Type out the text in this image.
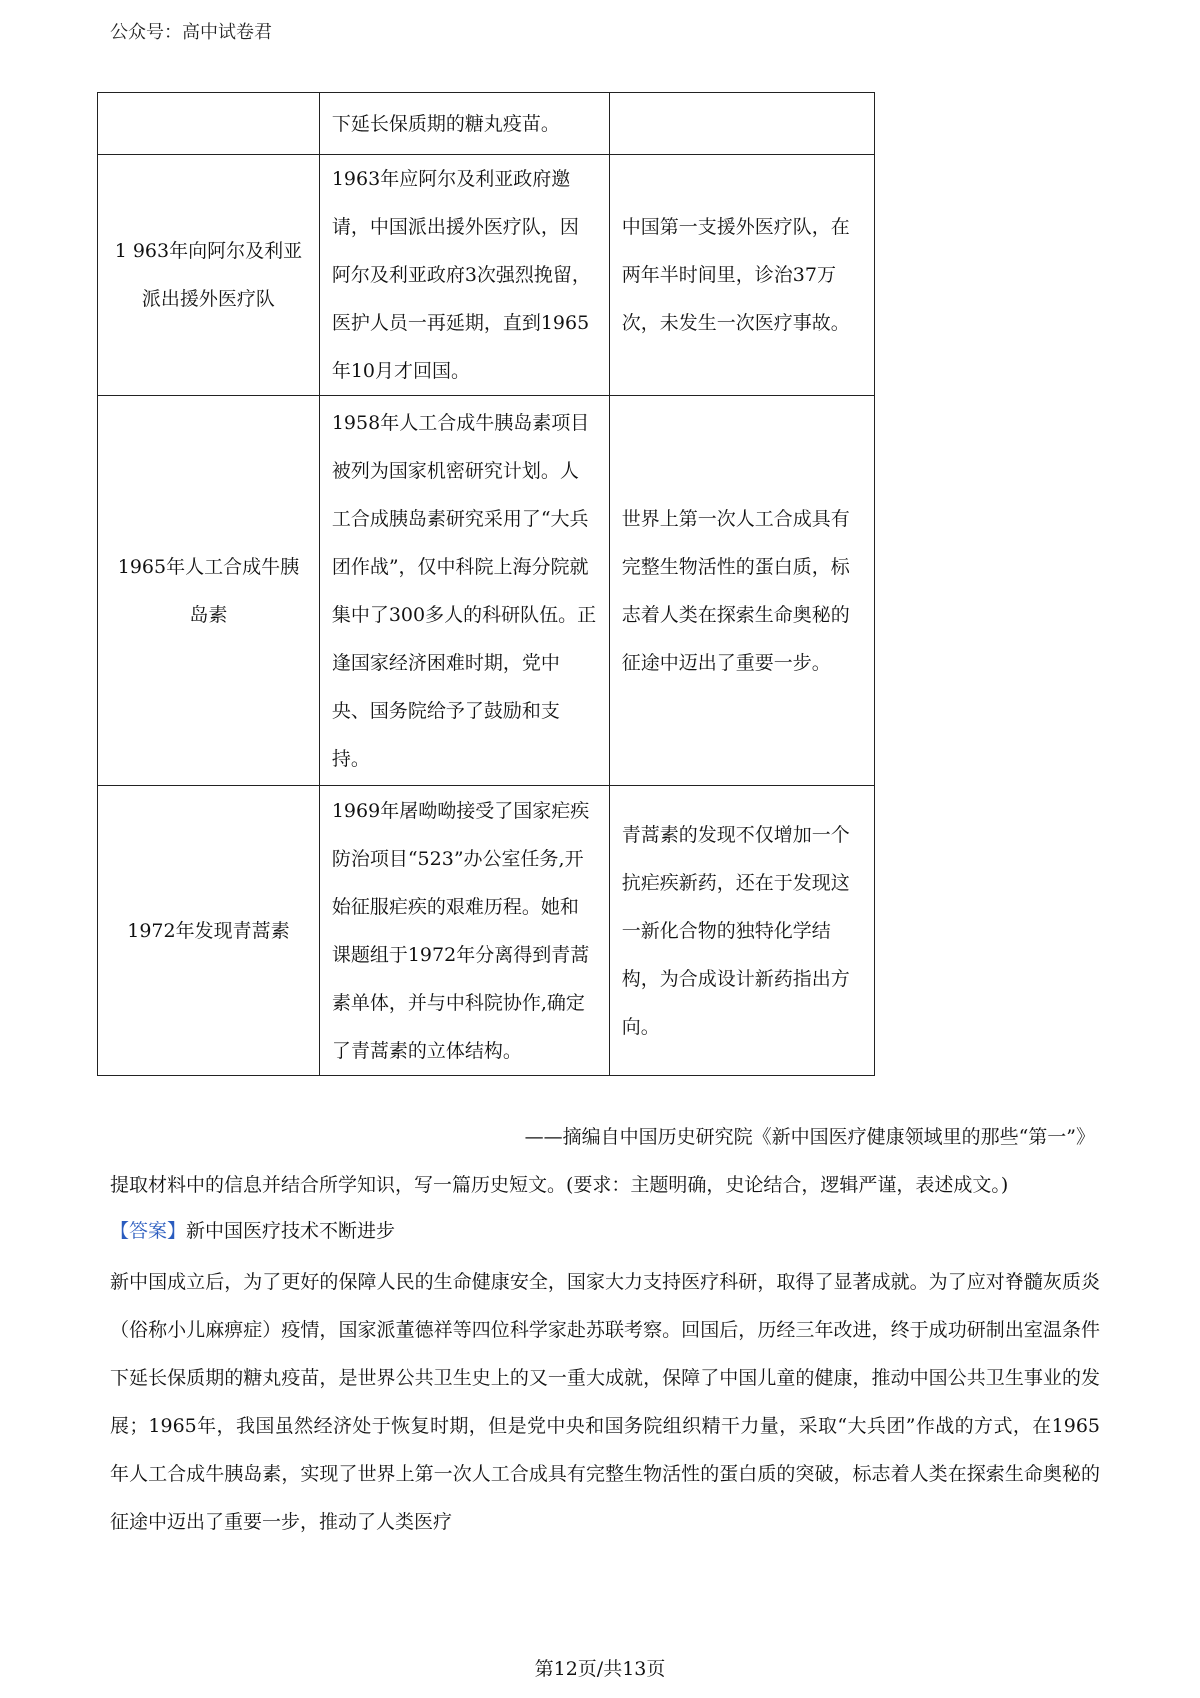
公众号：高中试卷君
	下延长保质期的糖丸疫苗。	
1 963年向阿尔及利亚派出援外医疗队	1963年应阿尔及利亚政府邀请，中国派出援外医疗队，因阿尔及利亚政府3次强烈挽留，医护人员一再延期，直到1965年10月才回国。	中国第一支援外医疗队，在两年半时间里，诊治37万次，未发生一次医疗事故。
1965年人工合成牛胰岛素	1958年人工合成牛胰岛素项目被列为国家机密研究计划。人工合成胰岛素研究采用了“大兵团作战”，仅中科院上海分院就集中了300多人的科研队伍。正逢国家经济困难时期，党中央、国务院给予了鼓励和支持。	世界上第一次人工合成具有完整生物活性的蛋白质，标志着人类在探索生命奥秘的征途中迈出了重要一步。
1972年发现青蒿素	1969年屠呦呦接受了国家疟疾防治项目“523”办公室任务,开始征服疟疾的艰难历程。她和课题组于1972年分离得到青蒿素单体，并与中科院协作,确定了青蒿素的立体结构。	青蒿素的发现不仅增加一个抗疟疾新药，还在于发现这一新化合物的独特化学结构，为合成设计新药指出方向。
——摘编自中国历史研究院《新中国医疗健康领域里的那些“第一”》
提取材料中的信息并结合所学知识，写一篇历史短文。(要求：主题明确，史论结合，逻辑严谨，表述成文。)
【答案】新中国医疗技术不断进步
新中国成立后，为了更好的保障人民的生命健康安全，国家大力支持医疗科研，取得了显著成就。为了应对脊髓灰质炎（俗称小儿麻痹症）疫情，国家派董德祥等四位科学家赴苏联考察。回国后，历经三年改进，终于成功研制出室温条件下延长保质期的糖丸疫苗，是世界公共卫生史上的又一重大成就，保障了中国儿童的健康，推动中国公共卫生事业的发展；1965年，我国虽然经济处于恢复时期，但是党中央和国务院组织精干力量，采取“大兵团”作战的方式，在1965年人工合成牛胰岛素，实现了世界上第一次人工合成具有完整生物活性的蛋白质的突破，标志着人类在探索生命奥秘的征途中迈出了重要一步，推动了人类医疗
第12页/共13页
